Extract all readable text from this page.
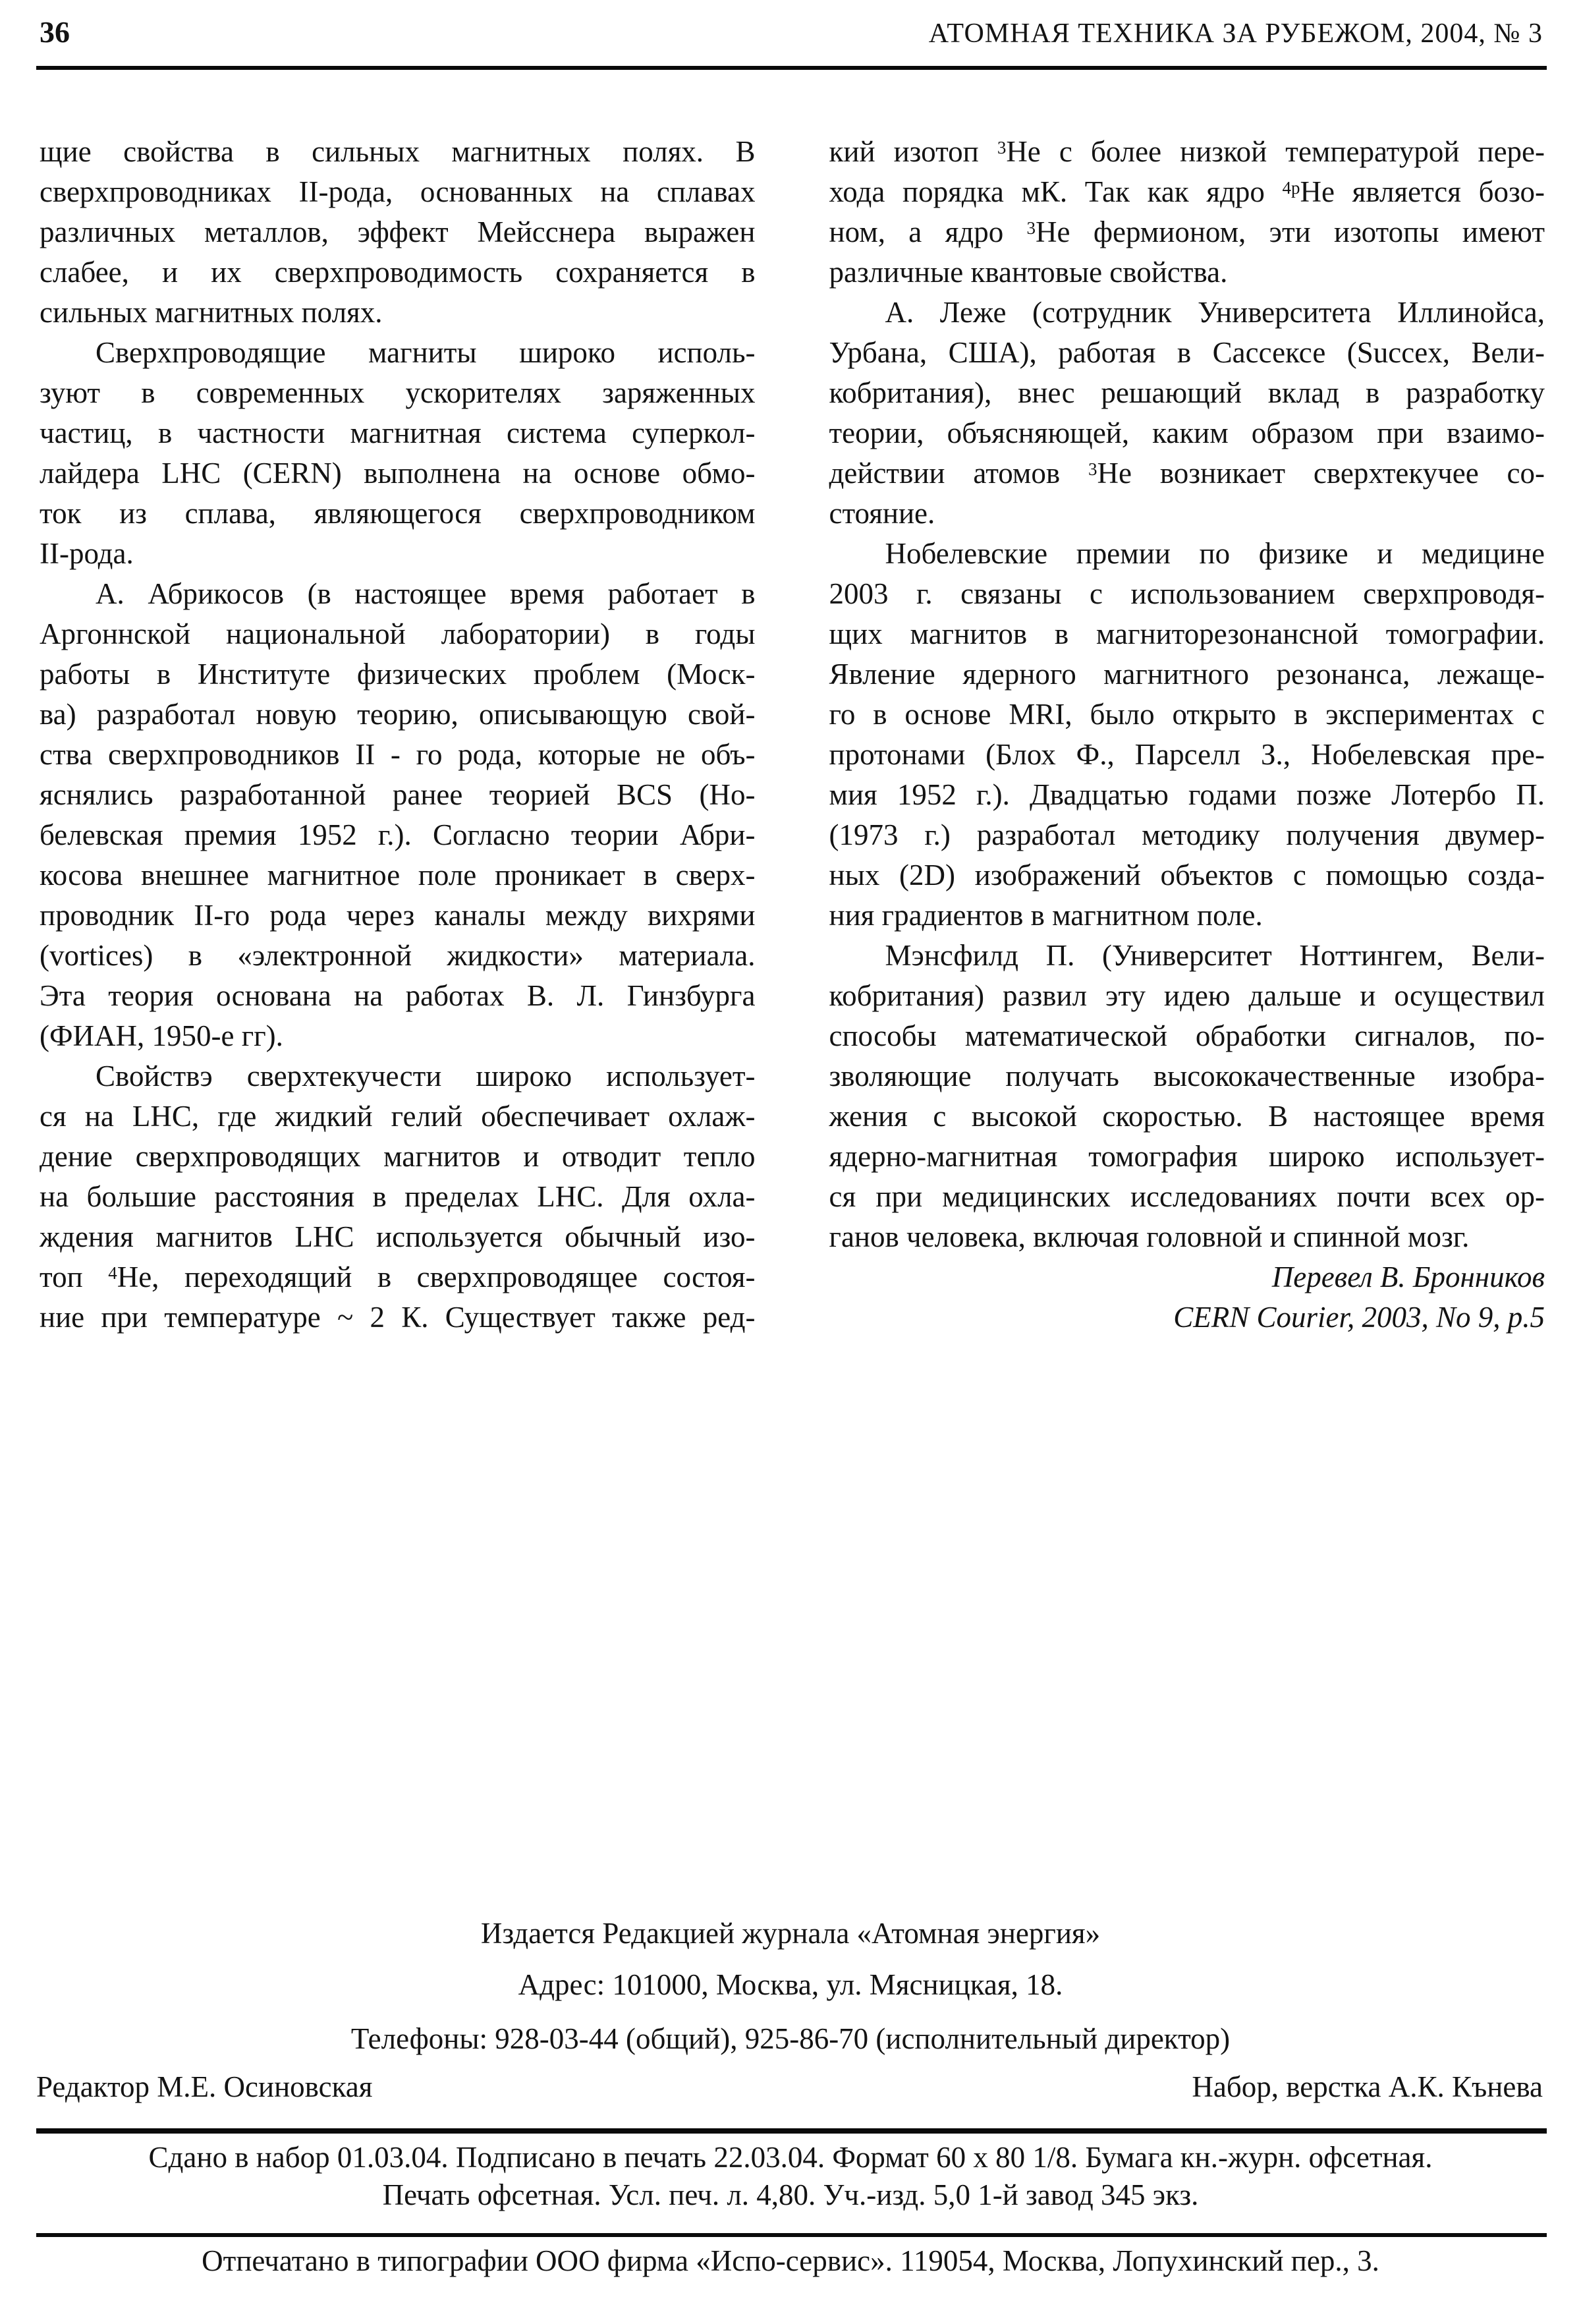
36	АТОМНАЯ ТЕХНИКА ЗА РУБЕЖОМ, 2004, № 3
щие свойства в сильных магнитных полях. В
сверхпроводниках II-рода, основанных на сплавах
различных металлов, эффект Мейсснера выражен
слабее, и их сверхпроводимость сохраняется в
сильных магнитных полях.
Сверхпроводящие магниты широко исполь-
зуют в современных ускорителях заряженных
частиц, в частности магнитная система суперкол-
лайдера LHC (CERN) выполнена на основе обмо-
ток из сплава, являющегося сверхпроводником
II-рода.
А. Абрикосов (в настоящее время работает в
Аргоннской национальной лаборатории) в годы
работы в Институте физических проблем (Моск-
ва) разработал новую теорию, описывающую свой-
ства сверхпроводников II - го рода, которые не объ-
яснялись разработанной ранее теорией BCS (Но-
белевская премия 1952 г.). Согласно теории Абри-
косова внешнее магнитное поле проникает в сверх-
проводник II-го рода через каналы между вихрями
(vortices) в «электронной жидкости» материала.
Эта теория основана на работах В. Л. Гинзбурга
(ФИАН, 1950-е гг).
Свойствэ сверхтекучести широко использует-
ся на LHC, где жидкий гелий обеспечивает охлаж-
дение сверхпроводящих магнитов и отводит тепло
на большие расстояния в пределах LHC. Для охла-
ждения магнитов LHC используется обычный изо-
топ $^4$He, переходящий в сверхпроводящее состоя-
ние при температуре ~ 2 К. Существует также ред-
кий изотоп $^3$He с более низкой температурой пере-
хода порядка мК. Так как ядро $^{4p}$He является бозо-
ном, а ядро $^3$He фермионом, эти изотопы имеют
различные квантовые свойства.
А. Леже (сотрудник Университета Иллинойса,
Урбана, США), работая в Сассексе (Succex, Вели-
кобритания), внес решающий вклад в разработку
теории, объясняющей, каким образом при взаимо-
действии атомов $^3$He возникает сверхтекучее со-
стояние.
Нобелевские премии по физике и медицине
2003 г. связаны с использованием сверхпроводя-
щих магнитов в магниторезонансной томографии.
Явление ядерного магнитного резонанса, лежаще-
го в основе MRI, было открыто в экспериментах с
протонами (Блох Ф., Парселл З., Нобелевская пре-
мия 1952 г.). Двадцатью годами позже Лотербо П.
(1973 г.) разработал методику получения двумер-
ных (2D) изображений объектов с помощью созда-
ния градиентов в магнитном поле.
Мэнсфилд П. (Университет Ноттингем, Вели-
кобритания) развил эту идею дальше и осуществил
способы математической обработки сигналов, по-
зволяющие получать высококачественные изобра-
жения с высокой скоростью. В настоящее время
ядерно-магнитная томография широко использует-
ся при медицинских исследованиях почти всех ор-
ганов человека, включая головной и спинной мозг.
Перевел В. Бронников
CERN Courier, 2003, No 9, p.5
Издается Редакцией журнала «Атомная энергия»
Адрес: 101000, Москва, ул. Мясницкая, 18.
Телефоны: 928-03-44 (общий), 925-86-70 (исполнительный директор)
Редактор М.Е. Осиновская	Набор, верстка А.К. Кънева
Сдано в набор 01.03.04. Подписано в печать 22.03.04. Формат 60 х 80 1/8. Бумага кн.-журн. офсетная.
Печать офсетная. Усл. печ. л. 4,80. Уч.-изд. 5,0 1-й завод 345 экз.
Отпечатано в типографии ООО фирма «Испо-сервис». 119054, Москва, Лопухинский пер., 3.
